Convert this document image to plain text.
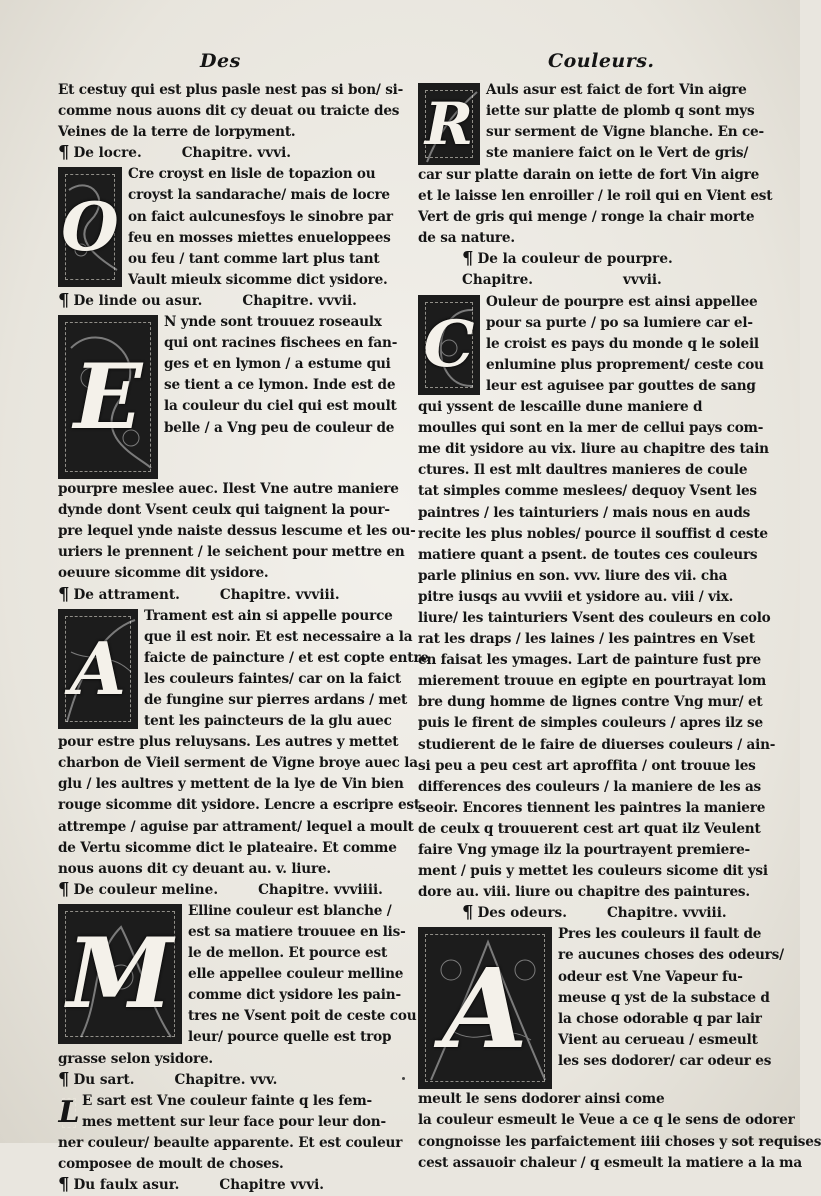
Des	Couleurs.
Et cestuy qui est plus pasle nest pas si bon/ si-
comme nous auons dit cy deuat ou traicte des
Veines de la terre de lorpyment.
¶ De locre.	Chapitre. vvvi.
O
Cre croyst en lisle de topazion ou
croyst la sandarache/ mais de locre
on faict aulcunesfoys le sinobre par
feu en mosses miettes enueloppees
ou feu / tant comme lart plus tant
Vault mieulx sicomme dict ysidore.
¶ De linde ou asur.	Chapitre. vvvii.
E
N ynde sont trouuez roseaulx
qui ont racines fischees en fan-
ges et en lymon / a estume qui
se tient a ce lymon. Inde est de
la couleur du ciel qui est moult
belle / a Vng peu de couleur de
pourpre meslee auec. Ilest Vne autre maniere
dynde dont Vsent ceulx qui taignent la pour-
pre lequel ynde naiste dessus lescume et les ou-
uriers le prennent / le seichent pour mettre en
oeuure sicomme dit ysidore.
¶ De attrament.	Chapitre. vvviii.
A
Trament est ain si appelle pource
que il est noir. Et est necessaire a la
faicte de paincture / et est copte entre
les couleurs faintes/ car on la faict
de fungine sur pierres ardans / met
tent les paincteurs de la glu auec
pour estre plus reluysans. Les autres y mettet
charbon de Vieil serment de Vigne broye auec la
glu / les aultres y mettent de la lye de Vin bien
rouge sicomme dit ysidore. Lencre a escripre est
attrempe / aguise par attrament/ lequel a moult
de Vertu sicomme dict le plateaire. Et comme
nous auons dit cy deuant au. v. liure.
¶ De couleur meline.	Chapitre. vvviiii.
M
Elline couleur est blanche /
est sa matiere trouuee en lis-
le de mellon. Et pource est
elle appellee couleur melline
comme dict ysidore les pain-
tres ne Vsent poit de ceste cou
leur/ pource quelle est trop
grasse selon ysidore.
¶ Du sart.	Chapitre. vvv.
L E sart est Vne couleur fainte q les fem-
mes mettent sur leur face pour leur don-
ner couleur/ beaulte apparente. Et est couleur
composee de moult de choses.
¶ Du faulx asur.	Chapitre vvvi.
R Auls asur est faict de fort Vin aigre
iette sur platte de plomb q sont mys
sur serment de Vigne blanche. En ce-
ste maniere faict on le Vert de gris/
car sur platte darain on iette de fort Vin aigre
et le laisse len enroiller / le roil qui en Vient est
Vert de gris qui menge / ronge la chair morte
de sa nature.
¶ De la couleur de pourpre.
Chapitre.	vvvii.
C
Ouleur de pourpre est ainsi appellee
pour sa purte / po sa lumiere car el-
le croist es pays du monde q le soleil
enlumine plus proprement/ ceste cou
leur est aguisee par gouttes de sang
qui yssent de lescaille dune maniere d
moulles qui sont en la mer de cellui pays com-
me dit ysidore au vix. liure au chapitre des tain
ctures. Il est mlt daultres manieres de coule
tat simples comme meslees/ dequoy Vsent les
paintres / les tainturiers / mais nous en auds
recite les plus nobles/ pource il souffist d ceste
matiere quant a psent. de toutes ces couleurs
parle plinius en son. vvv. liure des vii. cha
pitre iusqs au vvviii et ysidore au. viii / vix.
liure/ les tainturiers Vsent des couleurs en colo
rat les draps / les laines / les paintres en Vset
en faisat les ymages. Lart de painture fust pre
mierement trouue en egipte en pourtrayat lom
bre dung homme de lignes contre Vng mur/ et
puis le firent de simples couleurs / apres ilz se
studierent de le faire de diuerses couleurs / ain-
si peu a peu cest art aproffita / ont trouue les
differences des couleurs / la maniere de les as
seoir. Encores tiennent les paintres la maniere
de ceulx q trouuerent cest art quat ilz Veulent
faire Vng ymage ilz la pourtrayent premiere-
ment / puis y mettet les couleurs sicome dit ysi
dore au. viii. liure ou chapitre des paintures.
¶ Des odeurs.	Chapitre. vvviii.
A
Pres les couleurs il fault de
re aucunes choses des odeurs/
odeur est Vne Vapeur fu-
meuse q yst de la substace d
la chose odorable q par lair
Vient au cerueau / esmeult
les ses dodorer/ car odeur es
meult le sens dodorer ainsi come
la couleur esmeult le Veue a ce q le sens de odorer
congnoisse les parfaictement iiii choses y sot requises
cest assauoir chaleur / q esmeult la matiere a la ma
